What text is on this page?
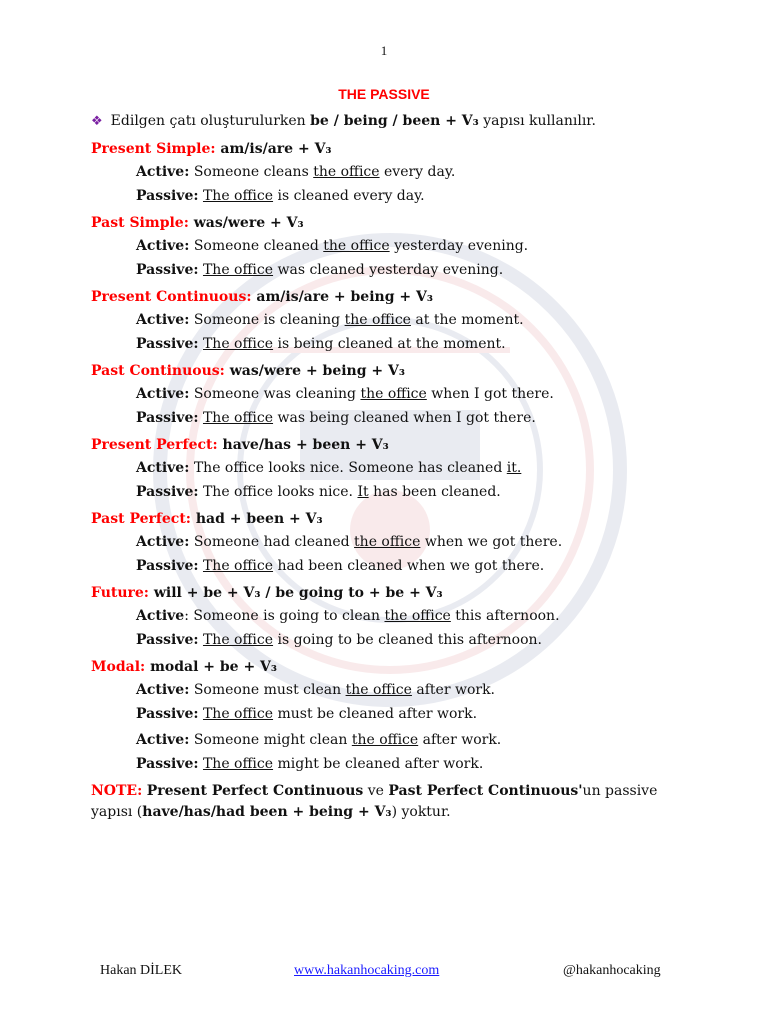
1
THE PASSIVE
❖ Edilgen çatı oluşturulurken be / being / been + V₃ yapısı kullanılır.
Present Simple: am/is/are + V₃
Active: Someone cleans the office every day.
Passive: The office is cleaned every day.
Past Simple: was/were + V₃
Active: Someone cleaned the office yesterday evening.
Passive: The office was cleaned yesterday evening.
Present Continuous: am/is/are + being + V₃
Active: Someone is cleaning the office at the moment.
Passive: The office is being cleaned at the moment.
Past Continuous: was/were + being + V₃
Active: Someone was cleaning the office when I got there.
Passive: The office was being cleaned when I got there.
Present Perfect: have/has + been + V₃
Active: The office looks nice. Someone has cleaned it.
Passive: The office looks nice. It has been cleaned.
Past Perfect: had + been + V₃
Active: Someone had cleaned the office when we got there.
Passive: The office had been cleaned when we got there.
Future: will + be + V₃ / be going to + be + V₃
Active: Someone is going to clean the office this afternoon.
Passive: The office is going to be cleaned this afternoon.
Modal: modal + be + V₃
Active: Someone must clean the office after work.
Passive: The office must be cleaned after work.
Active: Someone might clean the office after work.
Passive: The office might be cleaned after work.
NOTE: Present Perfect Continuous ve Past Perfect Continuous'un passive yapısı (have/has/had been + being + V₃) yoktur.
Hakan DİLEK	www.hakanhocaking.com	@hakanhocaking
